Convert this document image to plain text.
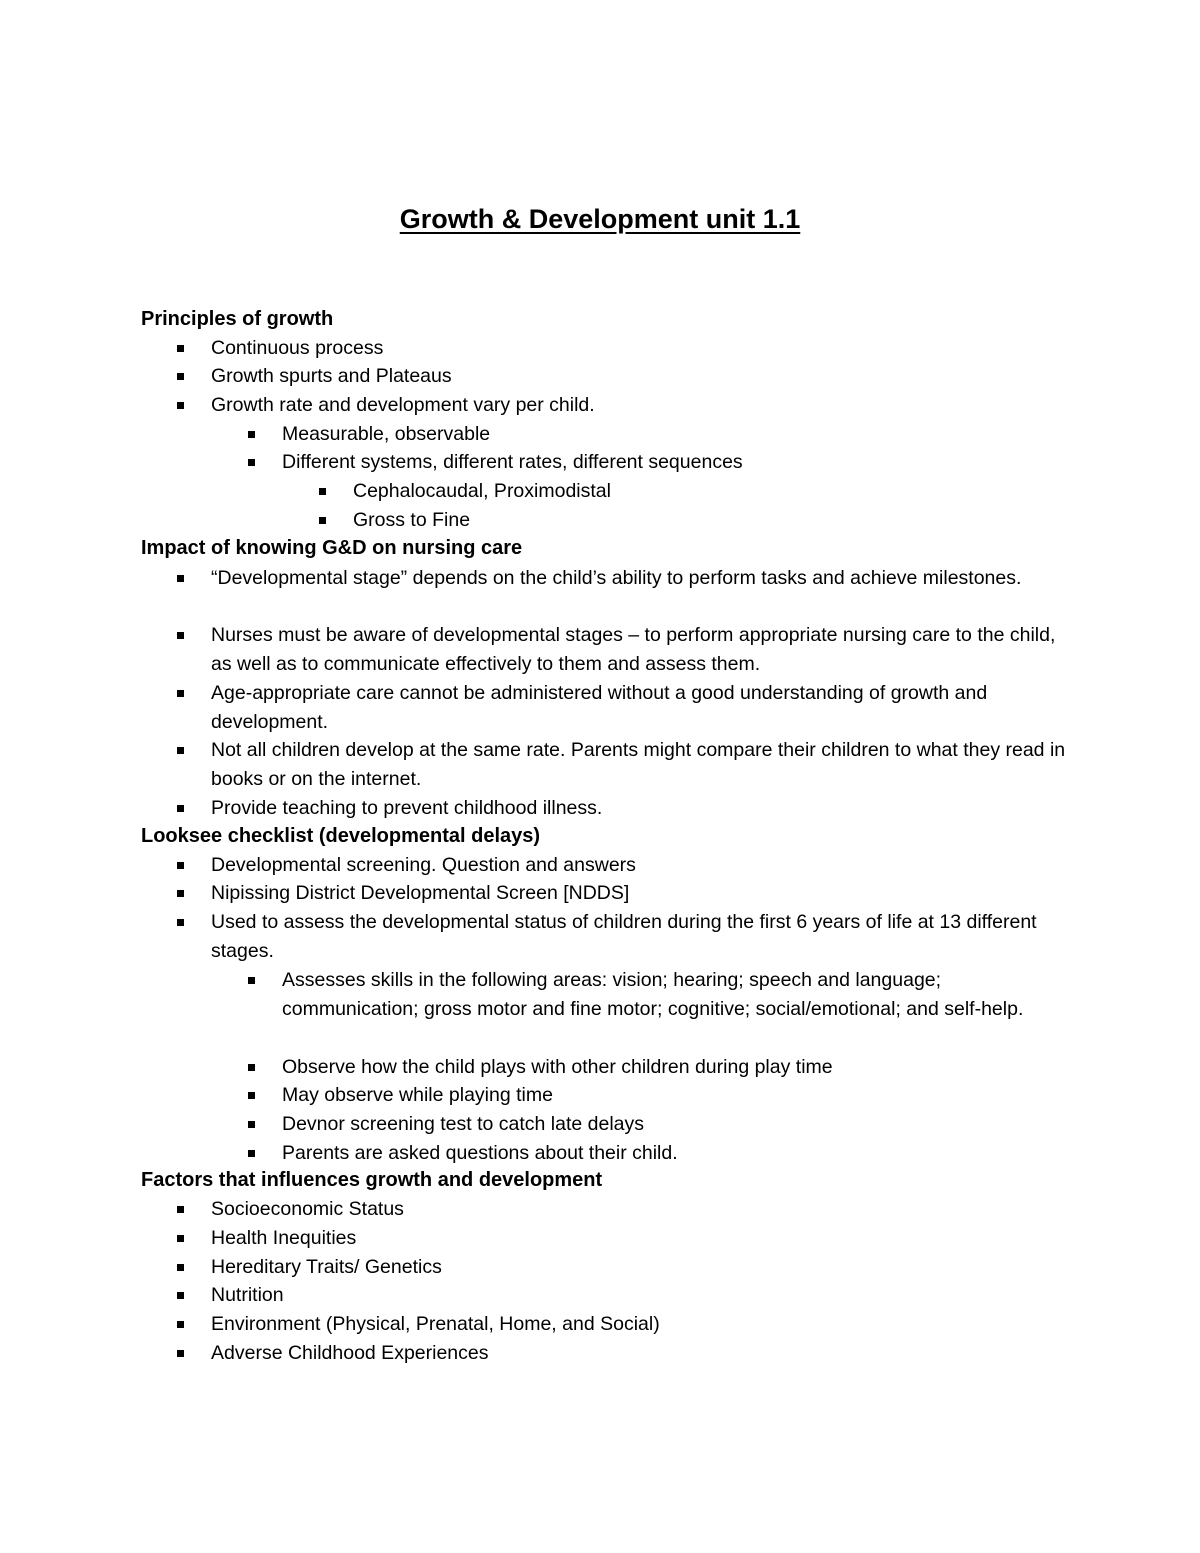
Growth & Development unit 1.1
Principles of growth
Continuous process
Growth spurts and Plateaus
Growth rate and development vary per child.
Measurable, observable
Different systems, different rates, different sequences
Cephalocaudal, Proximodistal
Gross to Fine
Impact of knowing G&D on nursing care
“Developmental stage” depends on the child’s ability to perform tasks and achieve milestones.
Nurses must be aware of developmental stages – to perform appropriate nursing care to the child, as well as to communicate effectively to them and assess them.
Age-appropriate care cannot be administered without a good understanding of growth and development.
Not all children develop at the same rate. Parents might compare their children to what they read in books or on the internet.
Provide teaching to prevent childhood illness.
Looksee checklist (developmental delays)
Developmental screening. Question and answers
Nipissing District Developmental Screen [NDDS]
Used to assess the developmental status of children during the first 6 years of life at 13 different stages.
Assesses skills in the following areas: vision; hearing; speech and language; communication; gross motor and fine motor; cognitive; social/emotional; and self-help.
Observe how the child plays with other children during play time
May observe while playing time
Devnor screening test to catch late delays
Parents are asked questions about their child.
Factors that influences growth and development
Socioeconomic Status
Health Inequities
Hereditary Traits/ Genetics
Nutrition
Environment (Physical, Prenatal, Home, and Social)
Adverse Childhood Experiences
